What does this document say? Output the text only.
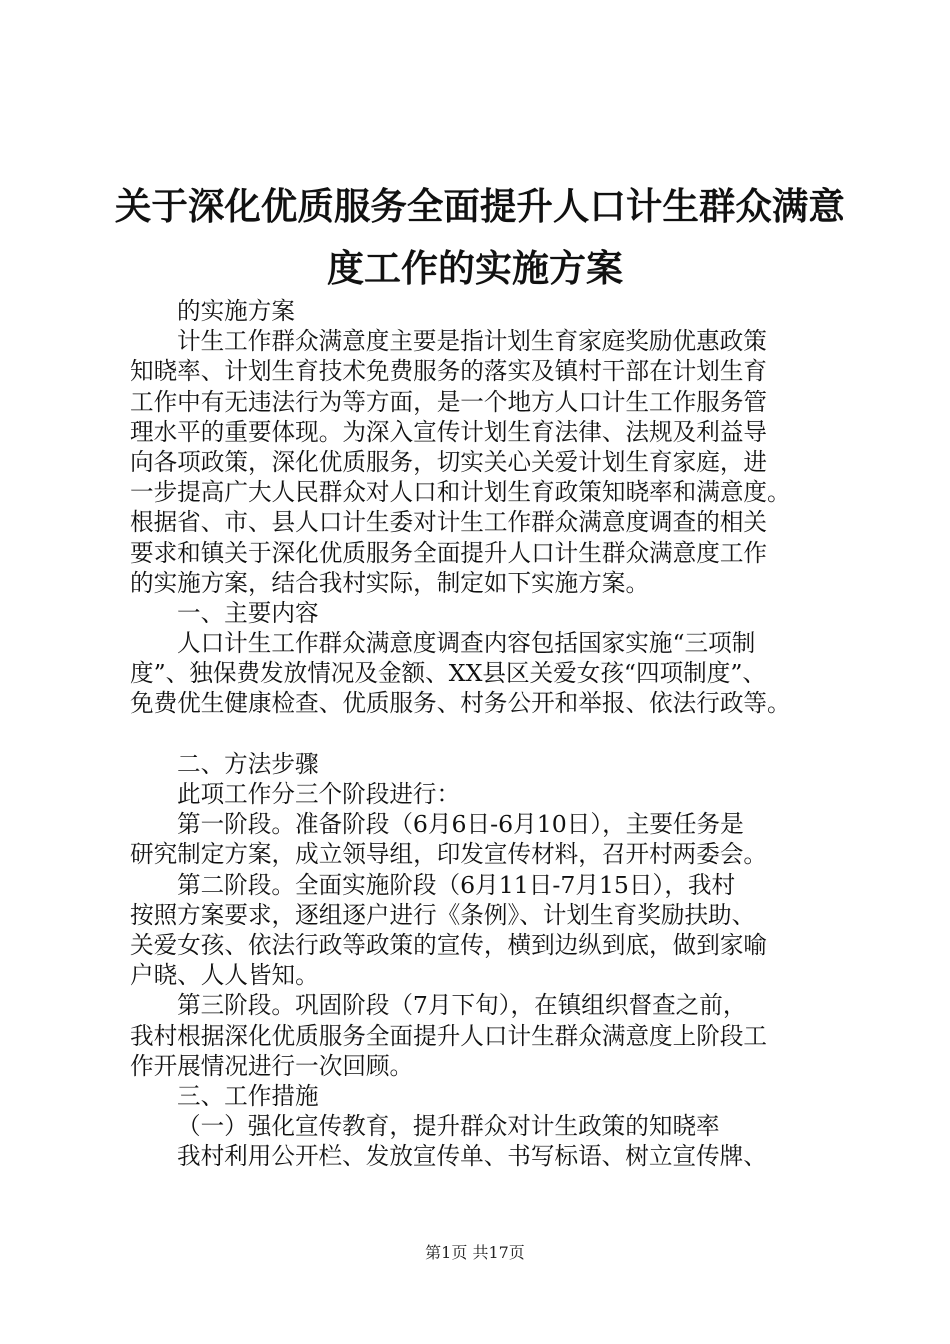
关于深化优质服务全面提升人口计生群众满意
度工作的实施方案
的实施方案
计生工作群众满意度主要是指计划生育家庭奖励优惠政策
知晓率、计划生育技术免费服务的落实及镇村干部在计划生育
工作中有无违法行为等方面，是一个地方人口计生工作服务管
理水平的重要体现。为深入宣传计划生育法律、法规及利益导
向各项政策，深化优质服务，切实关心关爱计划生育家庭，进
一步提高广大人民群众对人口和计划生育政策知晓率和满意度。
根据省、市、县人口计生委对计生工作群众满意度调查的相关
要求和镇关于深化优质服务全面提升人口计生群众满意度工作
的实施方案，结合我村实际，制定如下实施方案。
一、主要内容
人口计生工作群众满意度调查内容包括国家实施“三项制
度”、独保费发放情况及金额、XX县区关爱女孩“四项制度”、
免费优生健康检查、优质服务、村务公开和举报、依法行政等。
二、方法步骤
此项工作分三个阶段进行：
第一阶段。准备阶段（6月6日-6月10日），主要任务是
研究制定方案，成立领导组，印发宣传材料，召开村两委会。
第二阶段。全面实施阶段（6月11日-7月15日），我村
按照方案要求，逐组逐户进行《条例》、计划生育奖励扶助、
关爱女孩、依法行政等政策的宣传，横到边纵到底，做到家喻
户晓、人人皆知。
第三阶段。巩固阶段（7月下旬），在镇组织督查之前，
我村根据深化优质服务全面提升人口计生群众满意度上阶段工
作开展情况进行一次回顾。
三、工作措施
（一）强化宣传教育，提升群众对计生政策的知晓率
我村利用公开栏、发放宣传单、书写标语、树立宣传牌、
第1页 共17页
